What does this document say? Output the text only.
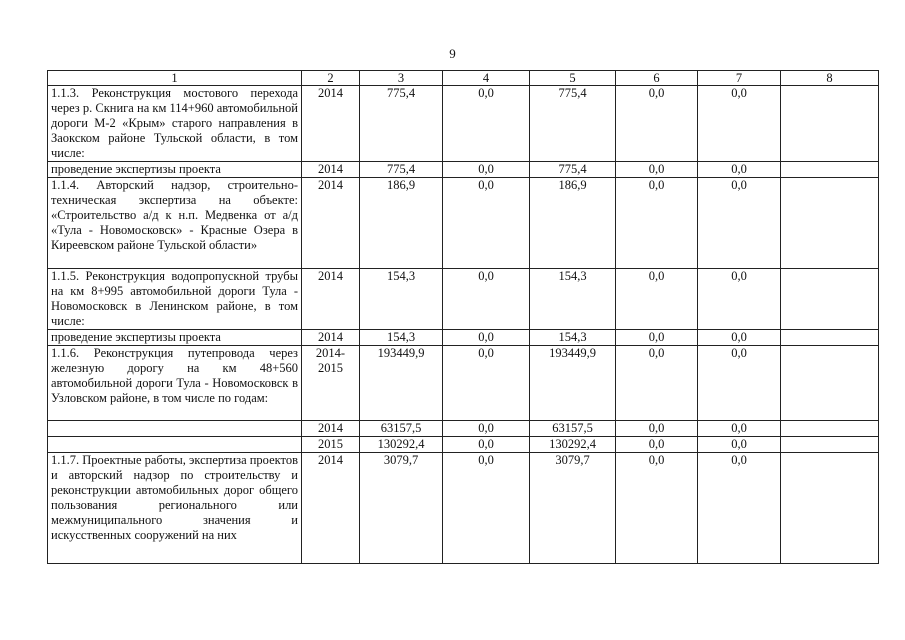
9
1	2	3	4	5	6	7	8
1.1.3. Реконструкция мостового перехода через р. Скнига на км 114+960 автомобильной дороги М-2 «Крым» старого направления в Заокском районе Тульской области, в том числе:	2014	775,4	0,0	775,4	0,0	0,0	
проведение экспертизы проекта	2014	775,4	0,0	775,4	0,0	0,0	
1.1.4. Авторский надзор, строительно-техническая экспертиза на объекте: «Строительство а/д к н.п. Медвенка от а/д «Тула - Новомосковск» - Красные Озера в Киреевском районе Тульской области»	2014	186,9	0,0	186,9	0,0	0,0	
1.1.5. Реконструкция водопропускной трубы на км 8+995 автомобильной дороги Тула - Новомосковск в Ленинском районе, в том числе:	2014	154,3	0,0	154,3	0,0	0,0	
проведение экспертизы проекта	2014	154,3	0,0	154,3	0,0	0,0	
1.1.6. Реконструкция путепровода через железную дорогу на км 48+560 автомобильной дороги Тула - Новомосковск в Узловском районе, в том числе по годам:	2014-2015	193449,9	0,0	193449,9	0,0	0,0	
	2014	63157,5	0,0	63157,5	0,0	0,0	
	2015	130292,4	0,0	130292,4	0,0	0,0	
1.1.7. Проектные работы, экспертиза проектов и авторский надзор по строительству и реконструкции автомобильных дорог общего пользования регионального или межмуниципального значения и искусственных сооружений на них	2014	3079,7	0,0	3079,7	0,0	0,0	
